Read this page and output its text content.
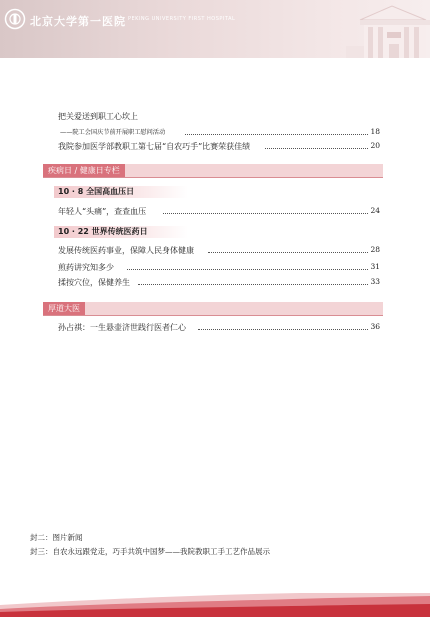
北京大学第一医院 PEKING UNIVERSITY FIRST HOSPITAL
把关爱送到职工心坎上
——院工会国庆节前开展职工慰问活动	18
我院参加医学部教职工第七届“自农巧手”比赛荣获佳绩	20
疾病日 / 健康日专栏
10 · 8 全国高血压日
年轻人“头痛”，查查血压	24
10 · 22 世界传统医药日
发展传统医药事业，保障人民身体健康	28
煎药讲究知多少	31
揉按穴位，保健养生	33
厚道大医
孙占祺：一生悬壶济世践行医者仁心	36
封二：图片新闻
封三：自农永远跟党走，巧手共筑中国梦——我院教职工手工艺作品展示
